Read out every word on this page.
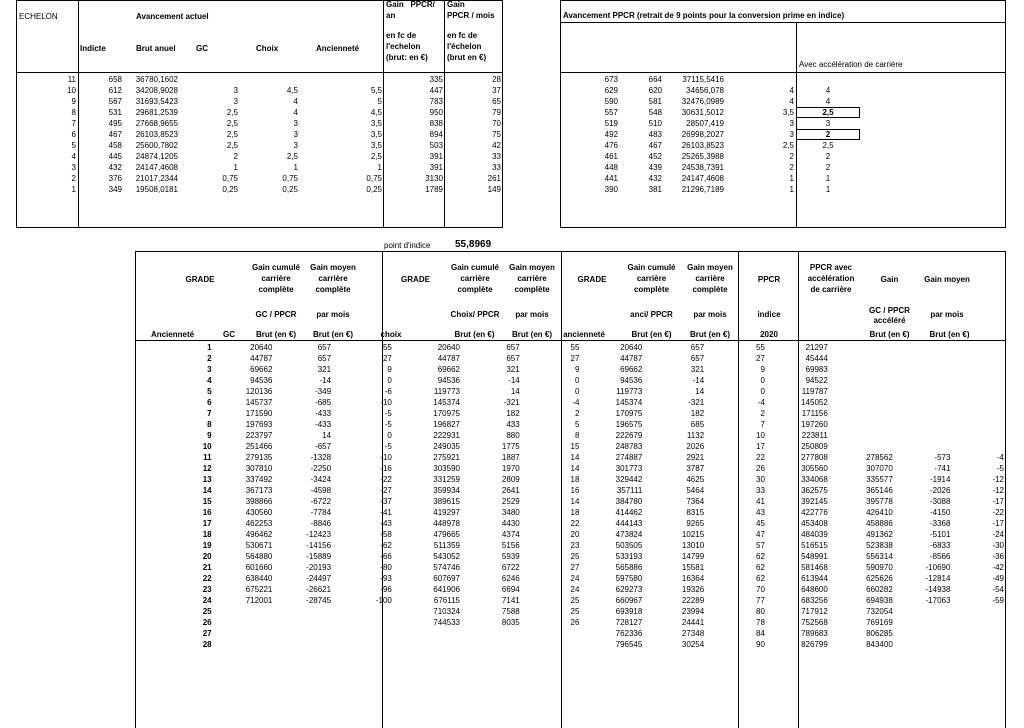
ECHELON	Avancement actuel
Indicte	Brut anuel	GC	Choix	Ancienneté
Gain   PPCR/
an
en fc de
l'echelon
(brut: en €)
Gain
PPCR / mois
en fc de
l'échelon
(brut en €)
11	658	36780,1602				335	28
10	612	34208,9028	3	4,5	5,5	447	37
9	567	31693,5423	3	4	5	783	65
8	531	29681,2539	2,5	4	4,5	950	79
7	495	27668,9655	2,5	3	3,5	838	70
6	467	26103,8523	2,5	3	3,5	894	75
5	458	25600,7802	2,5	3	3,5	503	42
4	445	24874,1205	2	2,5	2,5	391	33
3	432	24147,4608	1	1	1	391	33
2	376	21017,2344	0,75	0,75	0,75	3130	261
1	349	19508,0181	0,25	0,25	0,25	1789	149
Avancement PPCR (retrait de 9 points pour la conversion prime en indice)
Avec accélération de carrière
673	664	37115,5416			
629	620	34656,078	4	4	
590	581	32476,0989	4	4	
557	548	30631,5012	3,5	2,5	
519	510	28507,419	3	3	
492	483	26998,2027	3	2	
476	467	26103,8523	2,5	2,5	
461	452	25265,3988	2	2	
448	439	24538,7391	2	2	
441	432	24147,4608	1	1	
390	381	21296,7189	1	1	
point d'indice 55,8969
GRADE
Gain cumulé
carrière
complète
Gain moyen
carrière
complète
GC / PPCR	par mois
Ancienneté	GC	Brut (en €)	Brut (en €)
GRADE
Gain cumulé
carrière
complète
Gain moyen
carrière
complète
Choix/ PPCR	par mois
choix	Brut (en €)	Brut (en €)
GRADE
Gain cumulé
carrière
complète
Gain moyen
carrière
complète
anci/ PPCR	par mois
ancienneté	Brut (en €)	Brut (en €)
PPCR
indice
2020
PPCR avec
accélération
de carrière
Gain	Gain moyen
GC / PPCR
accéléré
par mois
Brut (en €)	Brut (en €)
1	20640	657	55	20640	657	55	20640	657	55	21297			
2	44787	657	27	44787	657	27	44787	657	27	45444			
3	69662	321	9	69662	321	9	69662	321	9	69983			
4	94536	-14	0	94536	-14	0	94536	-14	0	94522			
5	120136	-349	-6	119773	14	0	119773	14	0	119787			
6	145737	-685	-10	145374	-321	-4	145374	-321	-4	145052			
7	171590	-433	-5	170975	182	2	170975	182	2	171156			
8	197693	-433	-5	196827	433	5	196575	685	7	197260			
9	223797	14	0	222931	880	8	222679	1132	10	223811			
10	251466	-657	-5	249035	1775	15	248783	2026	17	250809			
11	279135	-1328	-10	275921	1887	14	274887	2921	22	277808	278562	-573	-4
12	307810	-2250	-16	303590	1970	14	301773	3787	26	305560	307070	-741	-5
13	337492	-3424	-22	331259	2809	18	329442	4625	30	334068	335577	-1914	-12
14	367173	-4598	-27	359934	2641	16	357111	5464	33	362575	365146	-2026	-12
15	398866	-6722	-37	389615	2529	14	384780	7364	41	392145	395778	-3088	-17
16	430560	-7784	-41	419297	3480	18	414462	8315	43	422776	426410	-4150	-22
17	462253	-8846	-43	448978	4430	22	444143	9265	45	453408	458886	-3368	-17
18	496462	-12423	-58	479665	4374	20	473824	10215	47	484039	491362	-5101	-24
19	530671	-14156	-62	511359	5156	23	503505	13010	57	516515	523838	-6833	-30
20	564880	-15889	-66	543052	5939	25	533193	14799	62	548991	556314	-8566	-36
21	601660	-20193	-80	574746	6722	27	565886	15581	62	581468	590970	-10690	-42
22	638440	-24497	-93	607697	6246	24	597580	16364	62	613944	625626	-12814	-49
23	675221	-26621	-96	641906	6694	24	629273	19326	70	648600	660282	-14938	-54
24	712001	-28745	-100	676115	7141	25	660967	22289	77	683256	694938	-17063	-59
25				710324	7588	25	693918	23994	80	717912	732054		
26				744533	8035	26	728127	24441	78	752568	769169		
27							762336	27348	84	789683	806285		
28							796545	30254	90	826799	843400		
